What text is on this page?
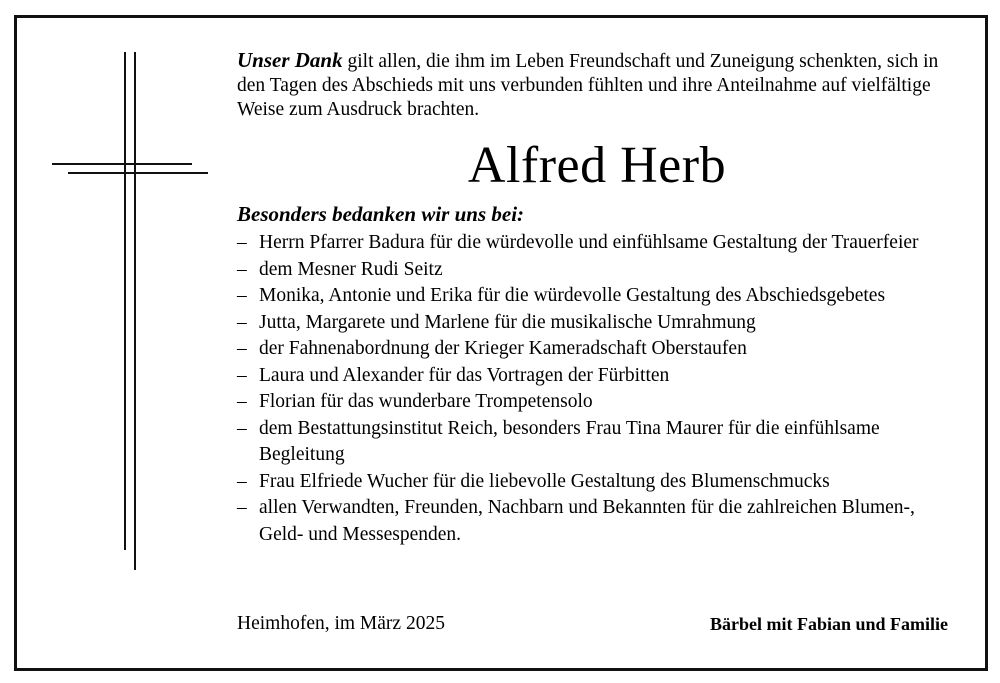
Unser Dank gilt allen, die ihm im Leben Freundschaft und Zuneigung schenkten, sich in den Tagen des Abschieds mit uns verbunden fühlten und ihre Anteilnahme auf vielfältige Weise zum Ausdruck brachten.

Alfred Herb
Besonders bedanken wir uns bei:
– Herrn Pfarrer Badura für die würdevolle und einfühlsame Gestaltung der Trauerfeier
– dem Mesner Rudi Seitz
– Monika, Antonie und Erika für die würdevolle Gestaltung des Abschiedsgebetes
– Jutta, Margarete und Marlene für die musikalische Umrahmung
– der Fahnenabordnung der Krieger Kameradschaft Oberstaufen
– Laura und Alexander für das Vortragen der Fürbitten
– Florian für das wunderbare Trompetensolo
– dem Bestattungsinstitut Reich, besonders Frau Tina Maurer für die einfühlsame Begleitung
– Frau Elfriede Wucher für die liebevolle Gestaltung des Blumenschmucks
– allen Verwandten, Freunden, Nachbarn und Bekannten für die zahlreichen Blumen-, Geld- und Messespenden.
Heimhofen, im März 2025	Bärbel mit Fabian und Familie
